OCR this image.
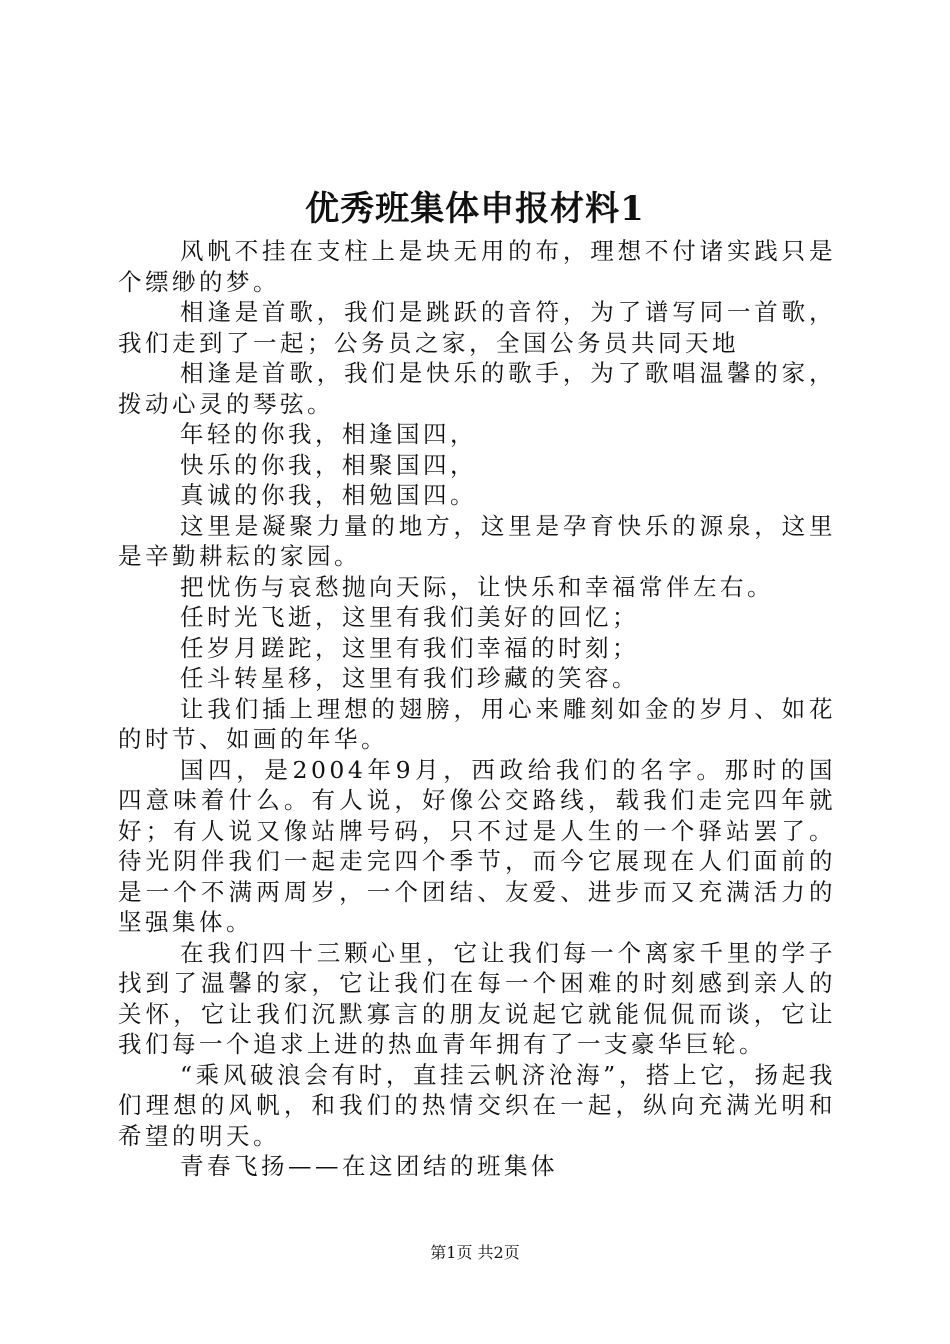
优秀班集体申报材料1

风帆不挂在支柱上是块无用的布，理想不付诸实践只是个缥缈的梦。

相逢是首歌，我们是跳跃的音符，为了谱写同一首歌，我们走到了一起；公务员之家，全国公务员共同天地

相逢是首歌，我们是快乐的歌手，为了歌唱温馨的家，拨动心灵的琴弦。

年轻的你我，相逢国四，

快乐的你我，相聚国四，

真诚的你我，相勉国四。

这里是凝聚力量的地方，这里是孕育快乐的源泉，这里是辛勤耕耘的家园。

把忧伤与哀愁抛向天际，让快乐和幸福常伴左右。

任时光飞逝，这里有我们美好的回忆；

任岁月蹉跎，这里有我们幸福的时刻；

任斗转星移，这里有我们珍藏的笑容。

让我们插上理想的翅膀，用心来雕刻如金的岁月、如花的时节、如画的年华。

国四，是2004年9月，西政给我们的名字。那时的国四意味着什么。有人说，好像公交路线，载我们走完四年就好；有人说又像站牌号码，只不过是人生的一个驿站罢了。待光阴伴我们一起走完四个季节，而今它展现在人们面前的是一个不满两周岁，一个团结、友爱、进步而又充满活力的坚强集体。

在我们四十三颗心里，它让我们每一个离家千里的学子找到了温馨的家，它让我们在每一个困难的时刻感到亲人的关怀，它让我们沉默寡言的朋友说起它就能侃侃而谈，它让我们每一个追求上进的热血青年拥有了一支豪华巨轮。

“乘风破浪会有时，直挂云帆济沧海”，搭上它，扬起我们理想的风帆，和我们的热情交织在一起，纵向充满光明和希望的明天。

青春飞扬——在这团结的班集体

第1页 共2页
